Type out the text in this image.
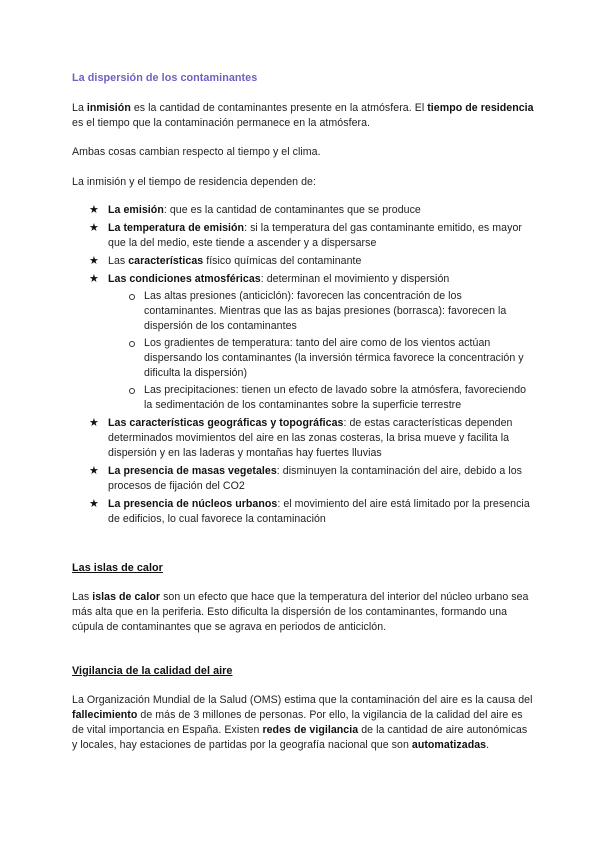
La dispersión de los contaminantes

La inmisión es la cantidad de contaminantes presente en la atmósfera. El tiempo de residencia es el tiempo que la contaminación permanece en la atmósfera.

Ambas cosas cambian respecto al tiempo y el clima.

La inmisión y el tiempo de residencia dependen de:

★ La emisión: que es la cantidad de contaminantes que se produce
★ La temperatura de emisión: si la temperatura del gas contaminante emitido, es mayor que la del medio, este tiende a ascender y a dispersarse
★ Las características físico químicas del contaminante
★ Las condiciones atmosféricas: determinan el movimiento y dispersión
Las altas presiones (anticiclón): favorecen las concentración de los contaminantes. Mientras que las as bajas presiones (borrasca): favorecen la dispersión de los contaminantes
Los gradientes de temperatura: tanto del aire como de los vientos actúan dispersando los contaminantes (la inversión térmica favorece la concentración y dificulta la dispersión)
Las precipitaciones: tienen un efecto de lavado sobre la atmósfera, favoreciendo la sedimentación de los contaminantes sobre la superficie terrestre
★ Las características geográficas y topográficas: de estas características dependen determinados movimientos del aire en las zonas costeras, la brisa mueve y facilita la dispersión y en las laderas y montañas hay fuertes lluvias
★ La presencia de masas vegetales: disminuyen la contaminación del aire, debido a los procesos de fijación del CO2
★ La presencia de núcleos urbanos: el movimiento del aire está limitado por la presencia de edificios, lo cual favorece la contaminación
Las islas de calor

Las islas de calor son un efecto que hace que la temperatura del interior del núcleo urbano sea más alta que en la periferia. Esto dificulta la dispersión de los contaminantes, formando una cúpula de contaminantes que se agrava en periodos de anticiclón.

Vigilancia de la calidad del aire

La Organización Mundial de la Salud (OMS) estima que la contaminación del aire es la causa del fallecimiento de más de 3 millones de personas. Por ello, la vigilancia de la calidad del aire es de vital importancia en España. Existen redes de vigilancia de la cantidad de aire autonómicas y locales, hay estaciones de partidas por la geografía nacional que son automatizadas.
